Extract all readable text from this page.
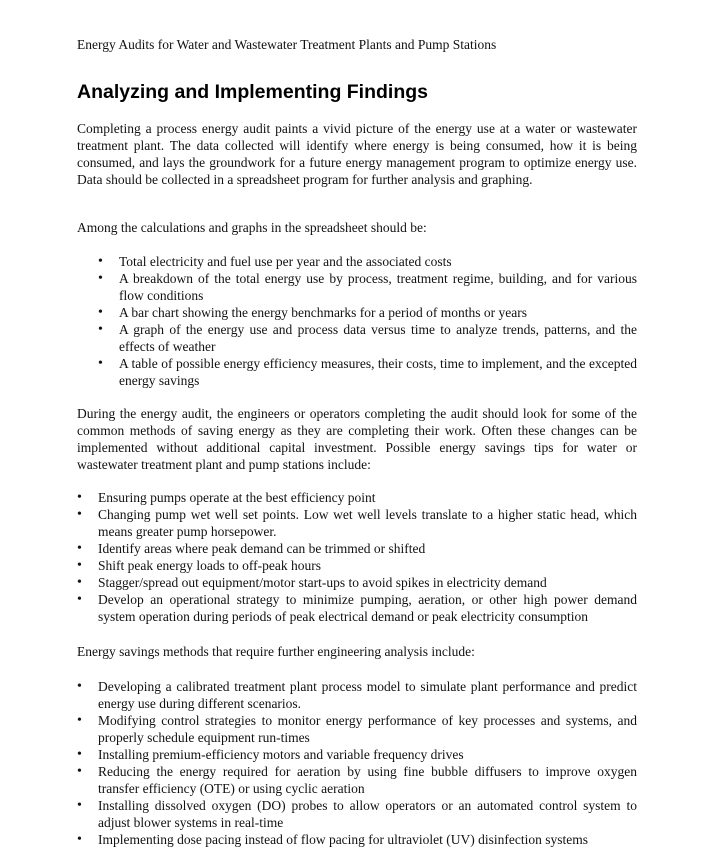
Energy Audits for Water and Wastewater Treatment Plants and Pump Stations
Analyzing and Implementing Findings

Completing a process energy audit paints a vivid picture of the energy use at a water or wastewater treatment plant. The data collected will identify where energy is being consumed, how it is being consumed, and lays the groundwork for a future energy management program to optimize energy use. Data should be collected in a spreadsheet program for further analysis and graphing.

Among the calculations and graphs in the spreadsheet should be:

• Total electricity and fuel use per year and the associated costs
• A breakdown of the total energy use by process, treatment regime, building, and for various flow conditions
• A bar chart showing the energy benchmarks for a period of months or years
• A graph of the energy use and process data versus time to analyze trends, patterns, and the effects of weather
• A table of possible energy efficiency measures, their costs, time to implement, and the excepted energy savings

During the energy audit, the engineers or operators completing the audit should look for some of the common methods of saving energy as they are completing their work. Often these changes can be implemented without additional capital investment. Possible energy savings tips for water or wastewater treatment plant and pump stations include:

• Ensuring pumps operate at the best efficiency point
• Changing pump wet well set points. Low wet well levels translate to a higher static head, which means greater pump horsepower.
• Identify areas where peak demand can be trimmed or shifted
• Shift peak energy loads to off-peak hours
• Stagger/spread out equipment/motor start-ups to avoid spikes in electricity demand
• Develop an operational strategy to minimize pumping, aeration, or other high power demand system operation during periods of peak electrical demand or peak electricity consumption

Energy savings methods that require further engineering analysis include:

• Developing a calibrated treatment plant process model to simulate plant performance and predict energy use during different scenarios.
• Modifying control strategies to monitor energy performance of key processes and systems, and properly schedule equipment run-times
• Installing premium-efficiency motors and variable frequency drives
• Reducing the energy required for aeration by using fine bubble diffusers to improve oxygen transfer efficiency (OTE) or using cyclic aeration
• Installing dissolved oxygen (DO) probes to allow operators or an automated control system to adjust blower systems in real-time
• Implementing dose pacing instead of flow pacing for ultraviolet (UV) disinfection systems
